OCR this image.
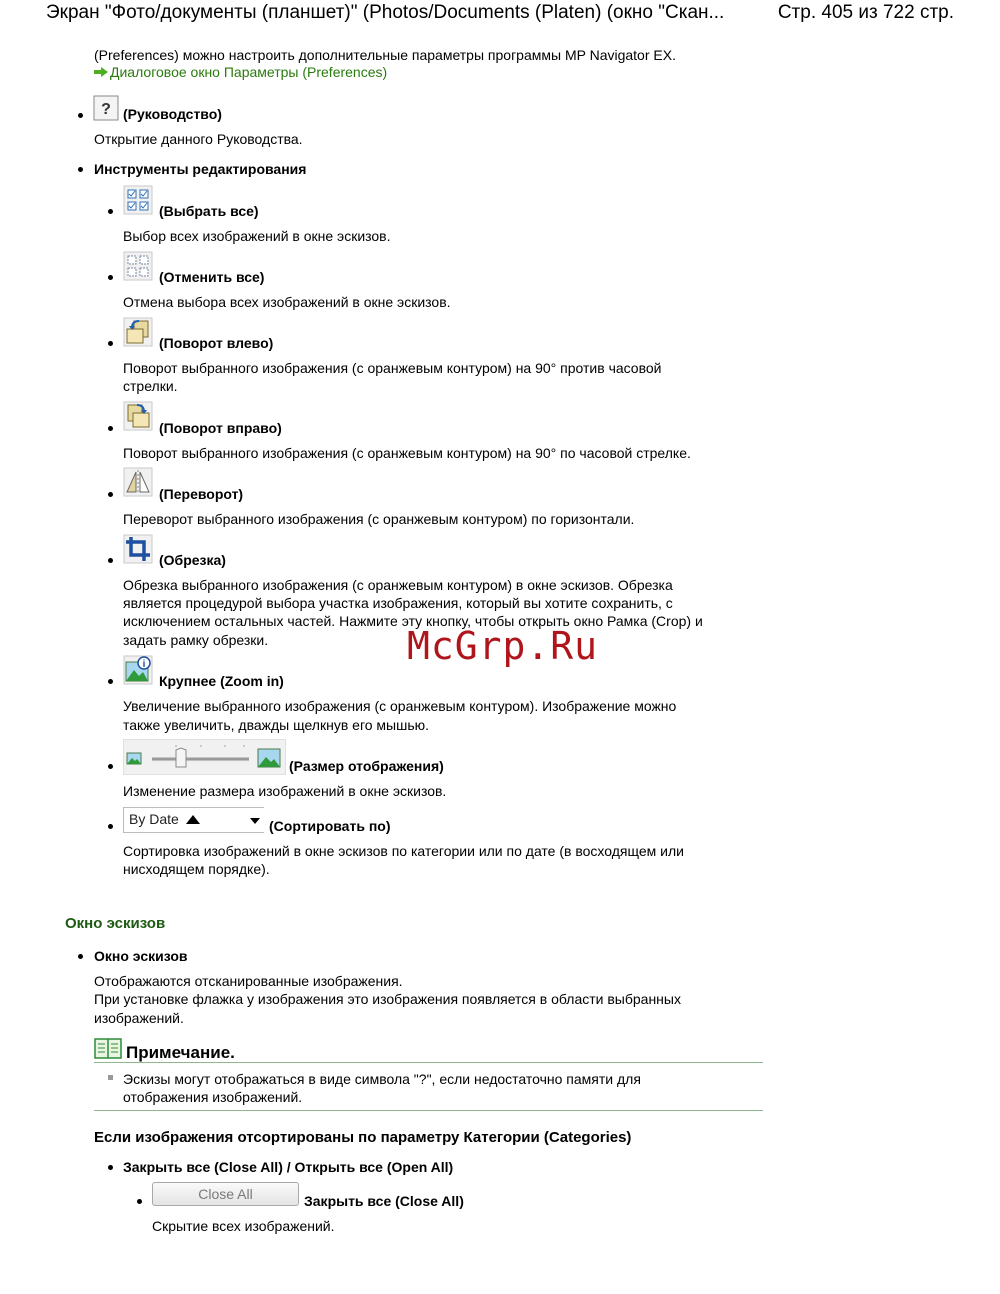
Экран "Фото/документы (планшет)" (Photos/Documents (Platen) (окно "Скан...	Стр. 405 из 722 стр.
(Preferences) можно настроить дополнительные параметры программы MP Navigator EX.
Диалоговое окно Параметры (Preferences)
? (Руководство)
Открытие данного Руководства.
Инструменты редактирования
(Выбрать все)
Выбор всех изображений в окне эскизов.
(Отменить все)
Отмена выбора всех изображений в окне эскизов.
(Поворот влево)
Поворот выбранного изображения (с оранжевым контуром) на 90° против часовой
стрелки.
(Поворот вправо)
Поворот выбранного изображения (с оранжевым контуром) на 90° по часовой стрелке.
(Переворот)
Переворот выбранного изображения (с оранжевым контуром) по горизонтали.
(Обрезка)
Обрезка выбранного изображения (с оранжевым контуром) в окне эскизов. Обрезка
является процедурой выбора участка изображения, который вы хотите сохранить, с
исключением остальных частей. Нажмите эту кнопку, чтобы открыть окно Рамка (Crop) и
задать рамку обрезки.
i
Крупнее (Zoom in)
Увеличение выбранного изображения (с оранжевым контуром). Изображение можно
также увеличить, дважды щелкнув его мышью.
(Размер отображения)
Изменение размера изображений в окне эскизов.
By Date	(Сортировать по)
Сортировка изображений в окне эскизов по категории или по дате (в восходящем или
нисходящем порядке).
Окно эскизов
Окно эскизов
Отображаются отсканированные изображения.
При установке флажка у изображения это изображения появляется в области выбранных
изображений.
Примечание.
Эскизы могут отображаться в виде символа "?", если недостаточно памяти для
отображения изображений.
Если изображения отсортированы по параметру Категории (Categories)
Закрыть все (Close All) / Открыть все (Open All)
Close All	Закрыть все (Close All)
Скрытие всех изображений.
McGrp.Ru
